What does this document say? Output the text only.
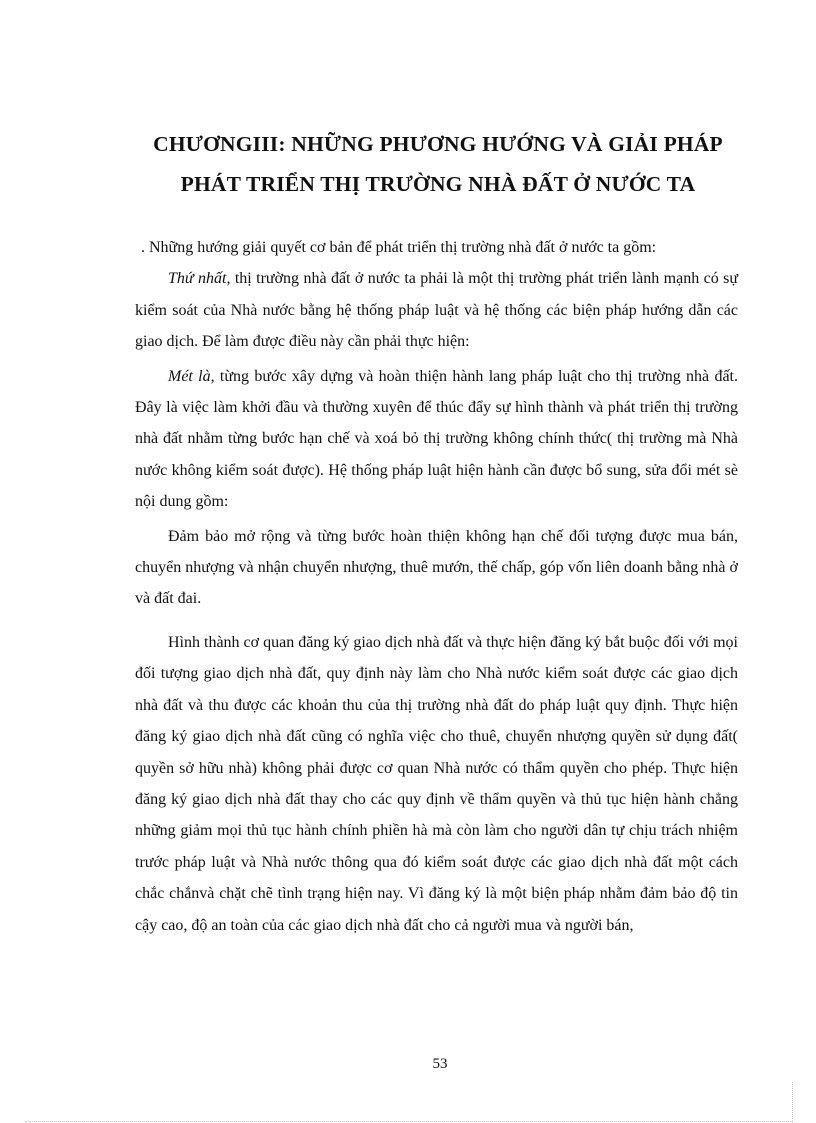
CHƯƠNGIII: NHỮNG PHƯƠNG HƯỚNG VÀ GIẢI PHÁP
PHÁT TRIỂN THỊ TRƯỜNG NHÀ ĐẤT Ở NƯỚC TA

. Những hướng giải quyết cơ bản để phát triển thị trường nhà đất ở nước ta gồm:

Thứ nhất, thị trường nhà đất ở nước ta phải là một thị trường phát triển lành mạnh có sự kiểm soát của Nhà nước bằng hệ thống pháp luật và hệ thống các biện pháp hướng dẫn các giao dịch. Để làm được điều này cần phải thực hiện:

Mét là, từng bước xây dựng và hoàn thiện hành lang pháp luật cho thị trường nhà đất. Đây là việc làm khởi đầu và thường xuyên để thúc đẩy sự hình thành và phát triển thị trường nhà đất nhằm từng bước hạn chế và xoá bỏ thị trường không chính thức( thị trường mà Nhà nước không kiểm soát được). Hệ thống pháp luật hiện hành cần được bổ sung, sửa đổi mét sè nội dung gồm:

Đảm bảo mở rộng và từng bước hoàn thiện không hạn chế đối tượng được mua bán, chuyển nhượng và nhận chuyển nhượng, thuê mướn, thế chấp, góp vốn liên doanh bằng nhà ở và đất đai.

Hình thành cơ quan đăng ký giao dịch nhà đất và thực hiện đăng ký bắt buộc đối với mọi đối tượng giao dịch nhà đất, quy định này làm cho Nhà nước kiểm soát được các giao dịch nhà đất và thu được các khoản thu của thị trường nhà đất do pháp luật quy định. Thực hiện đăng ký giao dịch nhà đất cũng có nghĩa việc cho thuê, chuyển nhượng quyền sử dụng đất( quyền sở hữu nhà) không phải được cơ quan Nhà nước có thẩm quyền cho phép. Thực hiện đăng ký giao dịch nhà đất thay cho các quy định về thẩm quyền và thủ tục hiện hành chẳng những giảm mọi thủ tục hành chính phiền hà mà còn làm cho người dân tự chịu trách nhiệm trước pháp luật và Nhà nước thông qua đó kiểm soát được các giao dịch nhà đất một cách chắc chắnvà chặt chẽ tình trạng hiện nay. Vì đăng ký là một biện pháp nhằm đảm bảo độ tin cậy cao, độ an toàn của các giao dịch nhà đất cho cả người mua và người bán,

53
